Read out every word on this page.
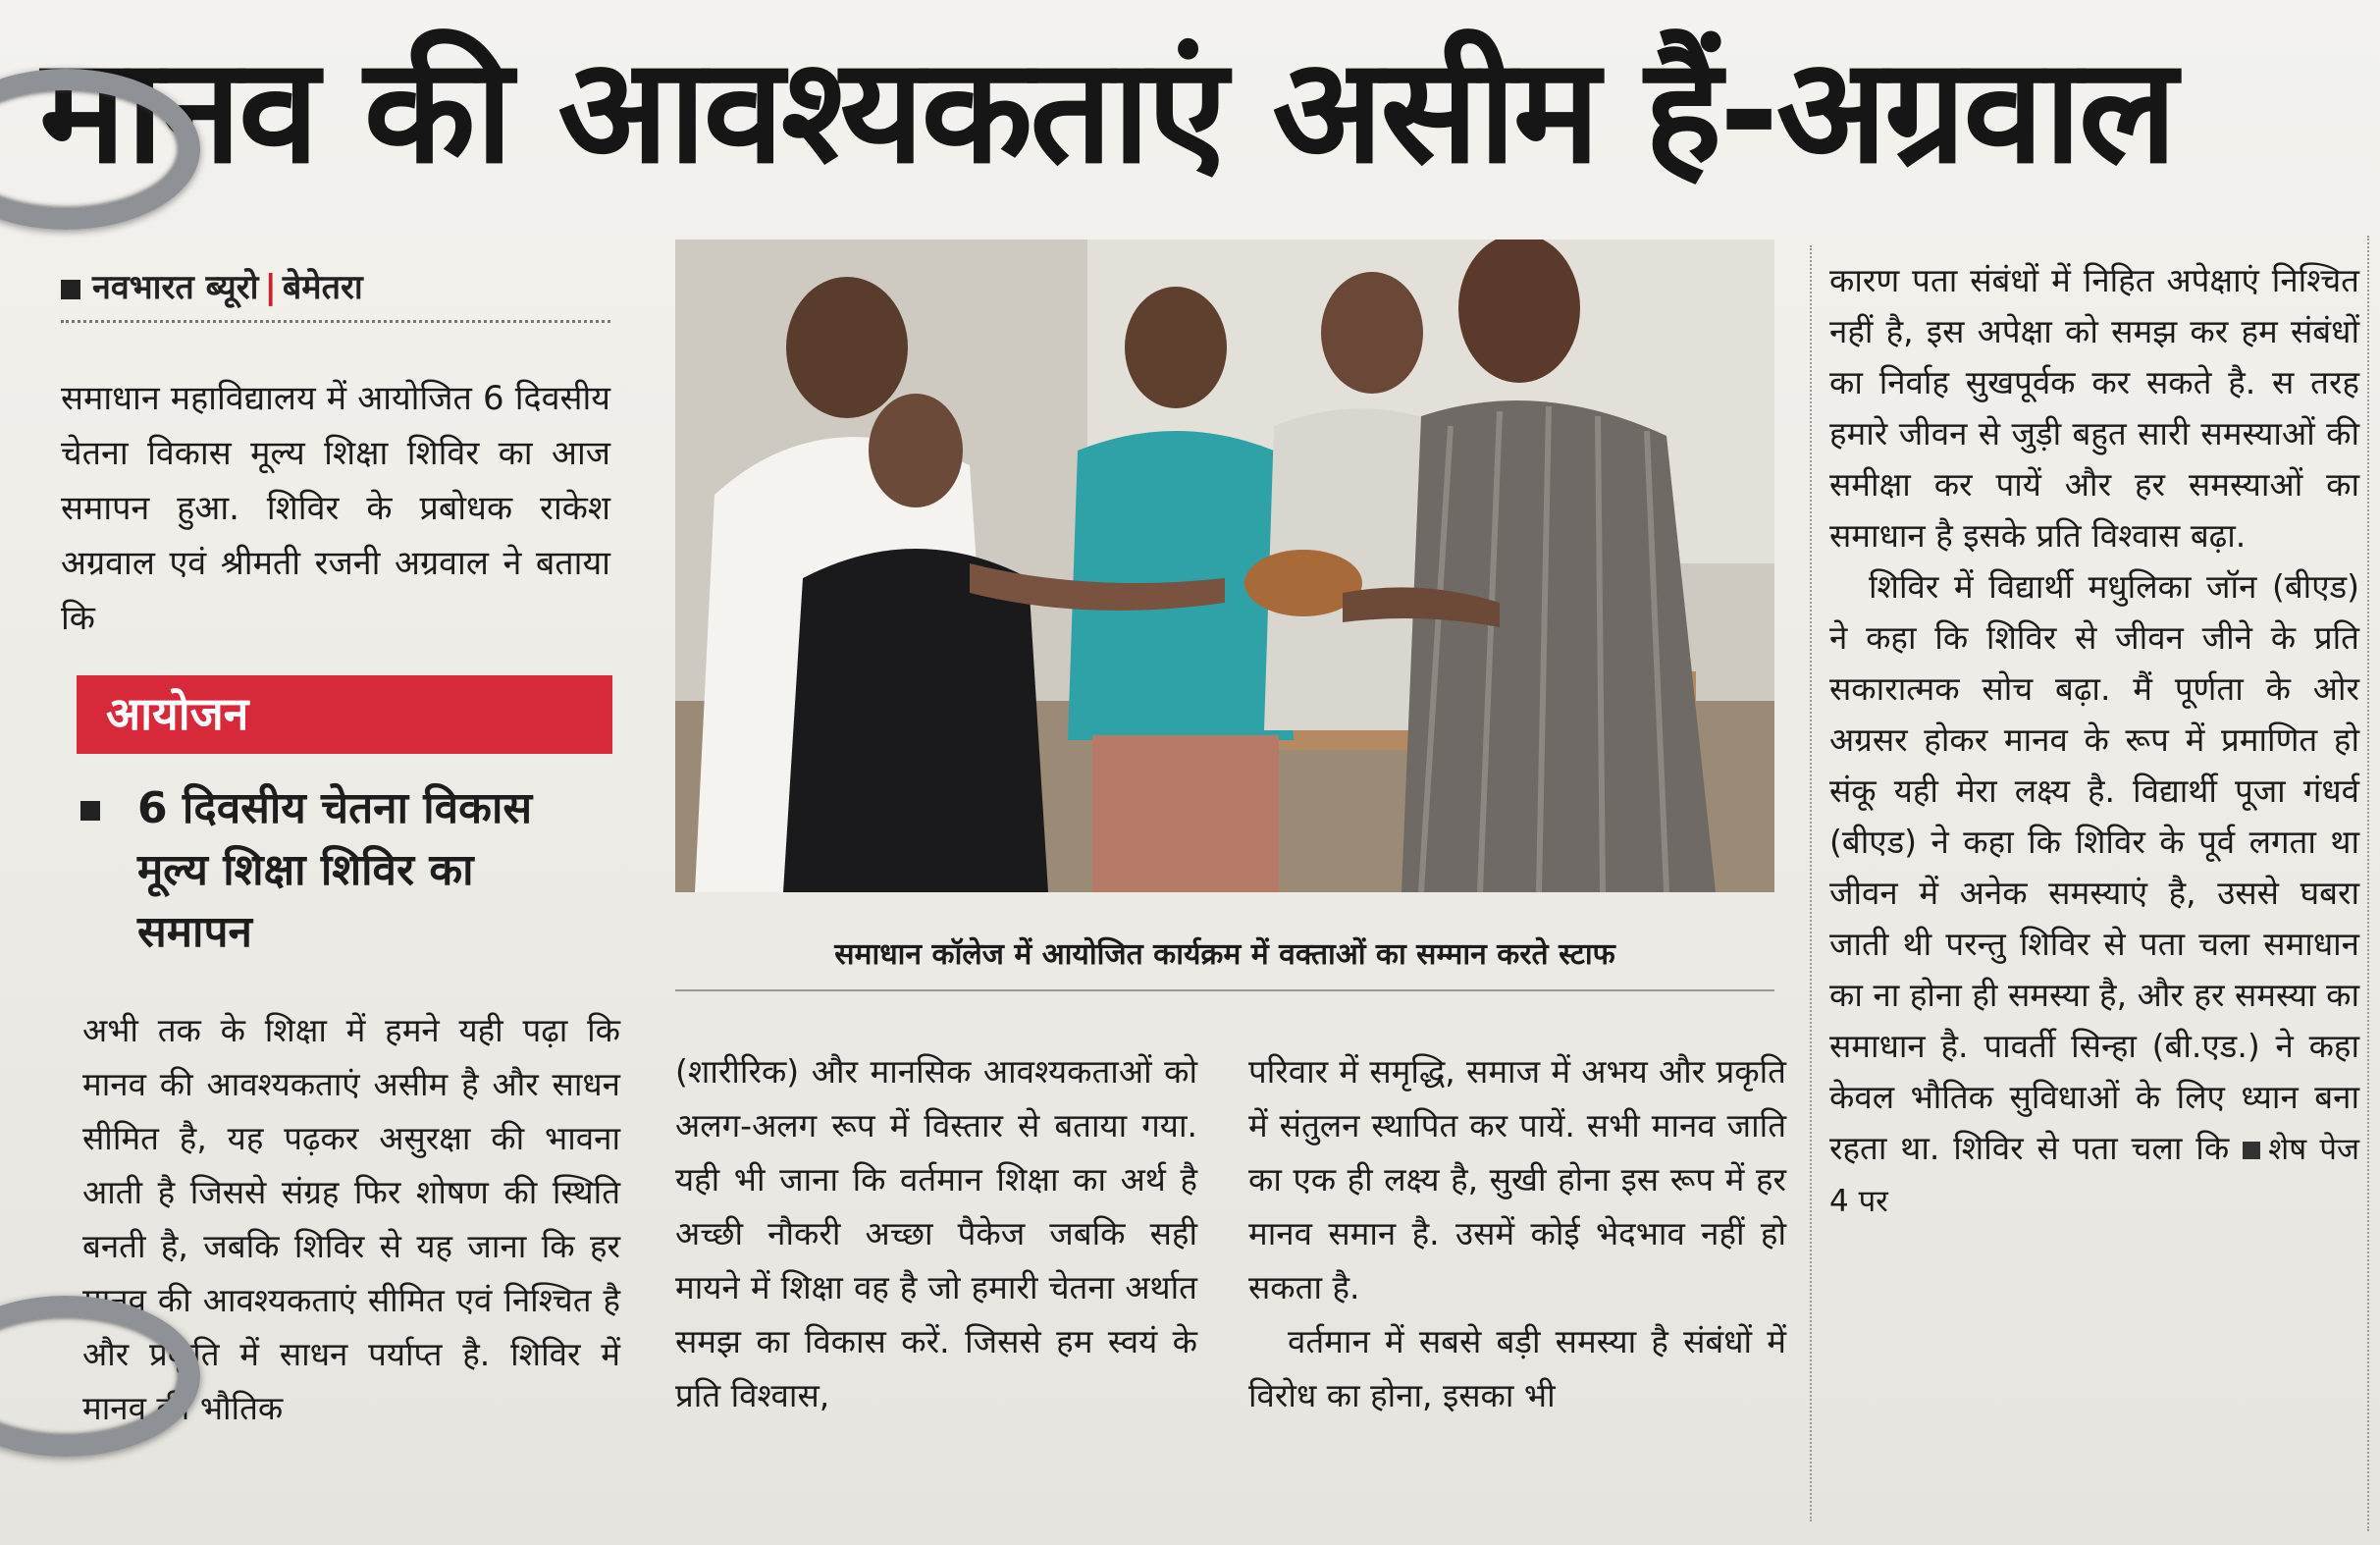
मानव की आवश्यकताएं असीम हैं-अग्रवाल
नवभारत ब्यूरो | बेमेतरा

समाधान महाविद्यालय में आयोजित 6 दिवसीय चेतना विकास मूल्य शिक्षा शिविर का आज समापन हुआ. शिविर के प्रबोधक राकेश अग्रवाल एवं श्रीमती रजनी अग्रवाल ने बताया कि

आयोजन
6 दिवसीय चेतना विकास मूल्य शिक्षा शिविर का समापन	समाधान कॉलेज में आयोजित कार्यक्रम में वक्ताओं का सम्मान करते स्टाफ

अभी तक के शिक्षा में हमने यही पढ़ा कि मानव की आवश्यकताएं असीम है और साधन सीमित है, यह पढ़कर असुरक्षा की भावना आती है जिससे संग्रह फिर शोषण की स्थिति बनती है, जबकि शिविर से यह जाना कि हर मानव की आवश्यकताएं सीमित एवं निश्चित है और प्रकृति में साधन पर्याप्त है. शिविर में मानव की भौतिक

(शारीरिक) और मानसिक आवश्यकताओं को अलग-अलग रूप में विस्तार से बताया गया. यही भी जाना कि वर्तमान शिक्षा का अर्थ है अच्छी नौकरी अच्छा पैकेज जबकि सही मायने में शिक्षा वह है जो हमारी चेतना अर्थात समझ का विकास करें. जिससे हम स्वयं के प्रति विश्वास,

परिवार में समृद्धि, समाज में अभय और प्रकृति में संतुलन स्थापित कर पायें. सभी मानव जाति का एक ही लक्ष्य है, सुखी होना इस रूप में हर मानव समान है. उसमें कोई भेदभाव नहीं हो सकता है.

वर्तमान में सबसे बड़ी समस्या है संबंधों में विरोध का होना, इसका भी

कारण पता संबंधों में निहित अपेक्षाएं निश्चित नहीं है, इस अपेक्षा को समझ कर हम संबंधों का निर्वाह सुखपूर्वक कर सकते है. स तरह हमारे जीवन से जुड़ी बहुत सारी समस्याओं की समीक्षा कर पायें और हर समस्याओं का समाधान है इसके प्रति विश्वास बढ़ा.

शिविर में विद्यार्थी मधुलिका जॉन (बीएड) ने कहा कि शिविर से जीवन जीने के प्रति सकारात्मक सोच बढ़ा. मैं पूर्णता के ओर अग्रसर होकर मानव के रूप में प्रमाणित हो संकू यही मेरा लक्ष्य है. विद्यार्थी पूजा गंधर्व (बीएड) ने कहा कि शिविर के पूर्व लगता था जीवन में अनेक समस्याएं है, उससे घबरा जाती थी परन्तु शिविर से पता चला समाधान का ना होना ही समस्या है, और हर समस्या का समाधान है. पावर्ती सिन्हा (बी.एड.) ने कहा केवल भौतिक सुविधाओं के लिए ध्यान बना रहता था. शिविर से पता चला कि शेष पेज 4 पर
